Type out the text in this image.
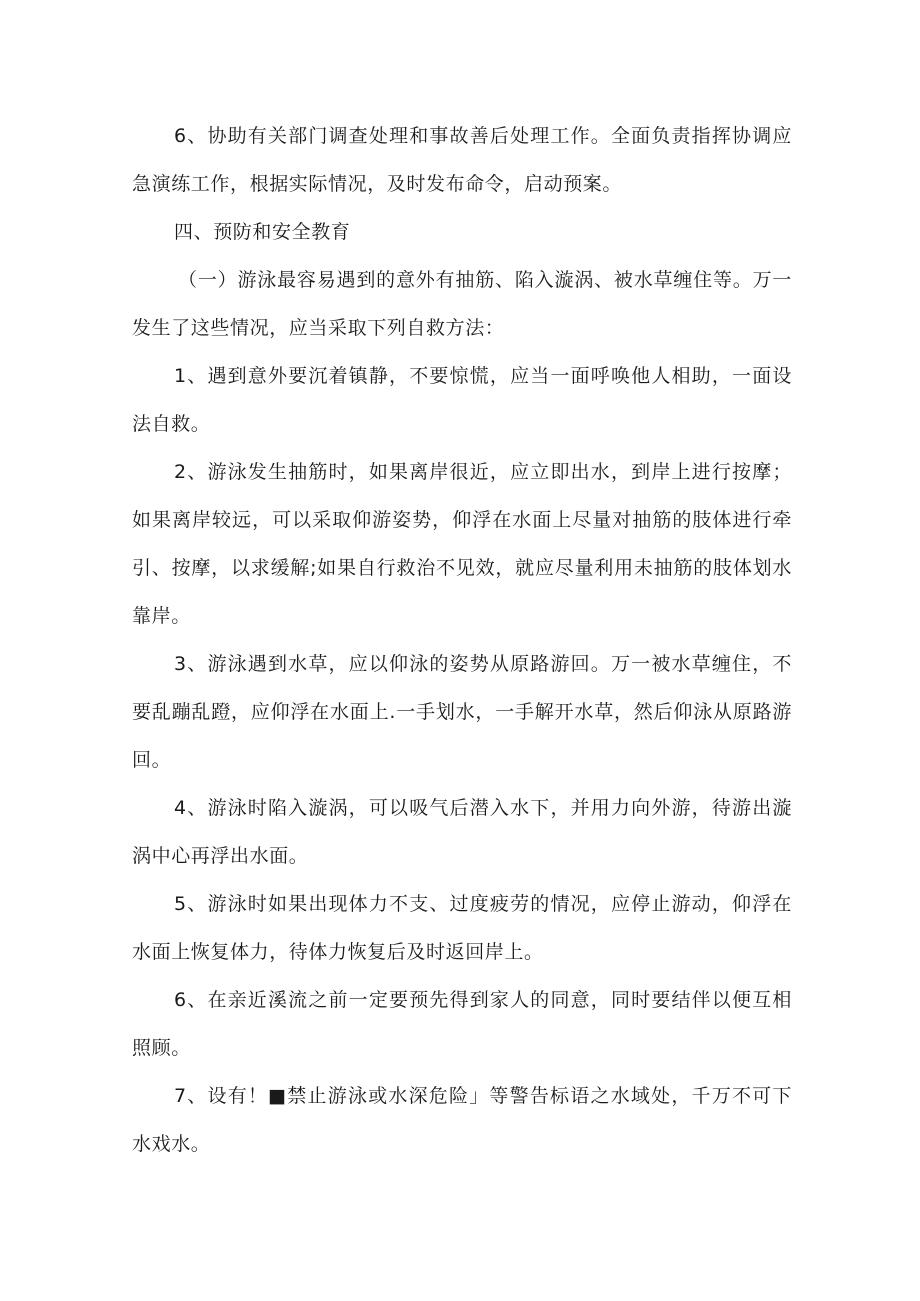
6、协助有关部门调查处理和事故善后处理工作。全面负责指挥协调应急演练工作，根据实际情况，及时发布命令，启动预案。

四、预防和安全教育

（一）游泳最容易遇到的意外有抽筋、陷入漩涡、被水草缠住等。万一发生了这些情况，应当采取下列自救方法：

1、遇到意外要沉着镇静，不要惊慌，应当一面呼唤他人相助，一面设法自救。

2、游泳发生抽筋时，如果离岸很近，应立即出水，到岸上进行按摩；如果离岸较远，可以采取仰游姿势，仰浮在水面上尽量对抽筋的肢体进行牵引、按摩，以求缓解;如果自行救治不见效，就应尽量利用未抽筋的肢体划水靠岸。

3、游泳遇到水草，应以仰泳的姿势从原路游回。万一被水草缠住，不要乱蹦乱蹬，应仰浮在水面上.一手划水，一手解开水草，然后仰泳从原路游回。

4、游泳时陷入漩涡，可以吸气后潜入水下，并用力向外游，待游出漩涡中心再浮出水面。

5、游泳时如果出现体力不支、过度疲劳的情况，应停止游动，仰浮在水面上恢复体力，待体力恢复后及时返回岸上。

6、在亲近溪流之前一定要预先得到家人的同意，同时要结伴以便互相照顾。

7、设有！■禁止游泳或水深危险」等警告标语之水域处，千万不可下水戏水。
